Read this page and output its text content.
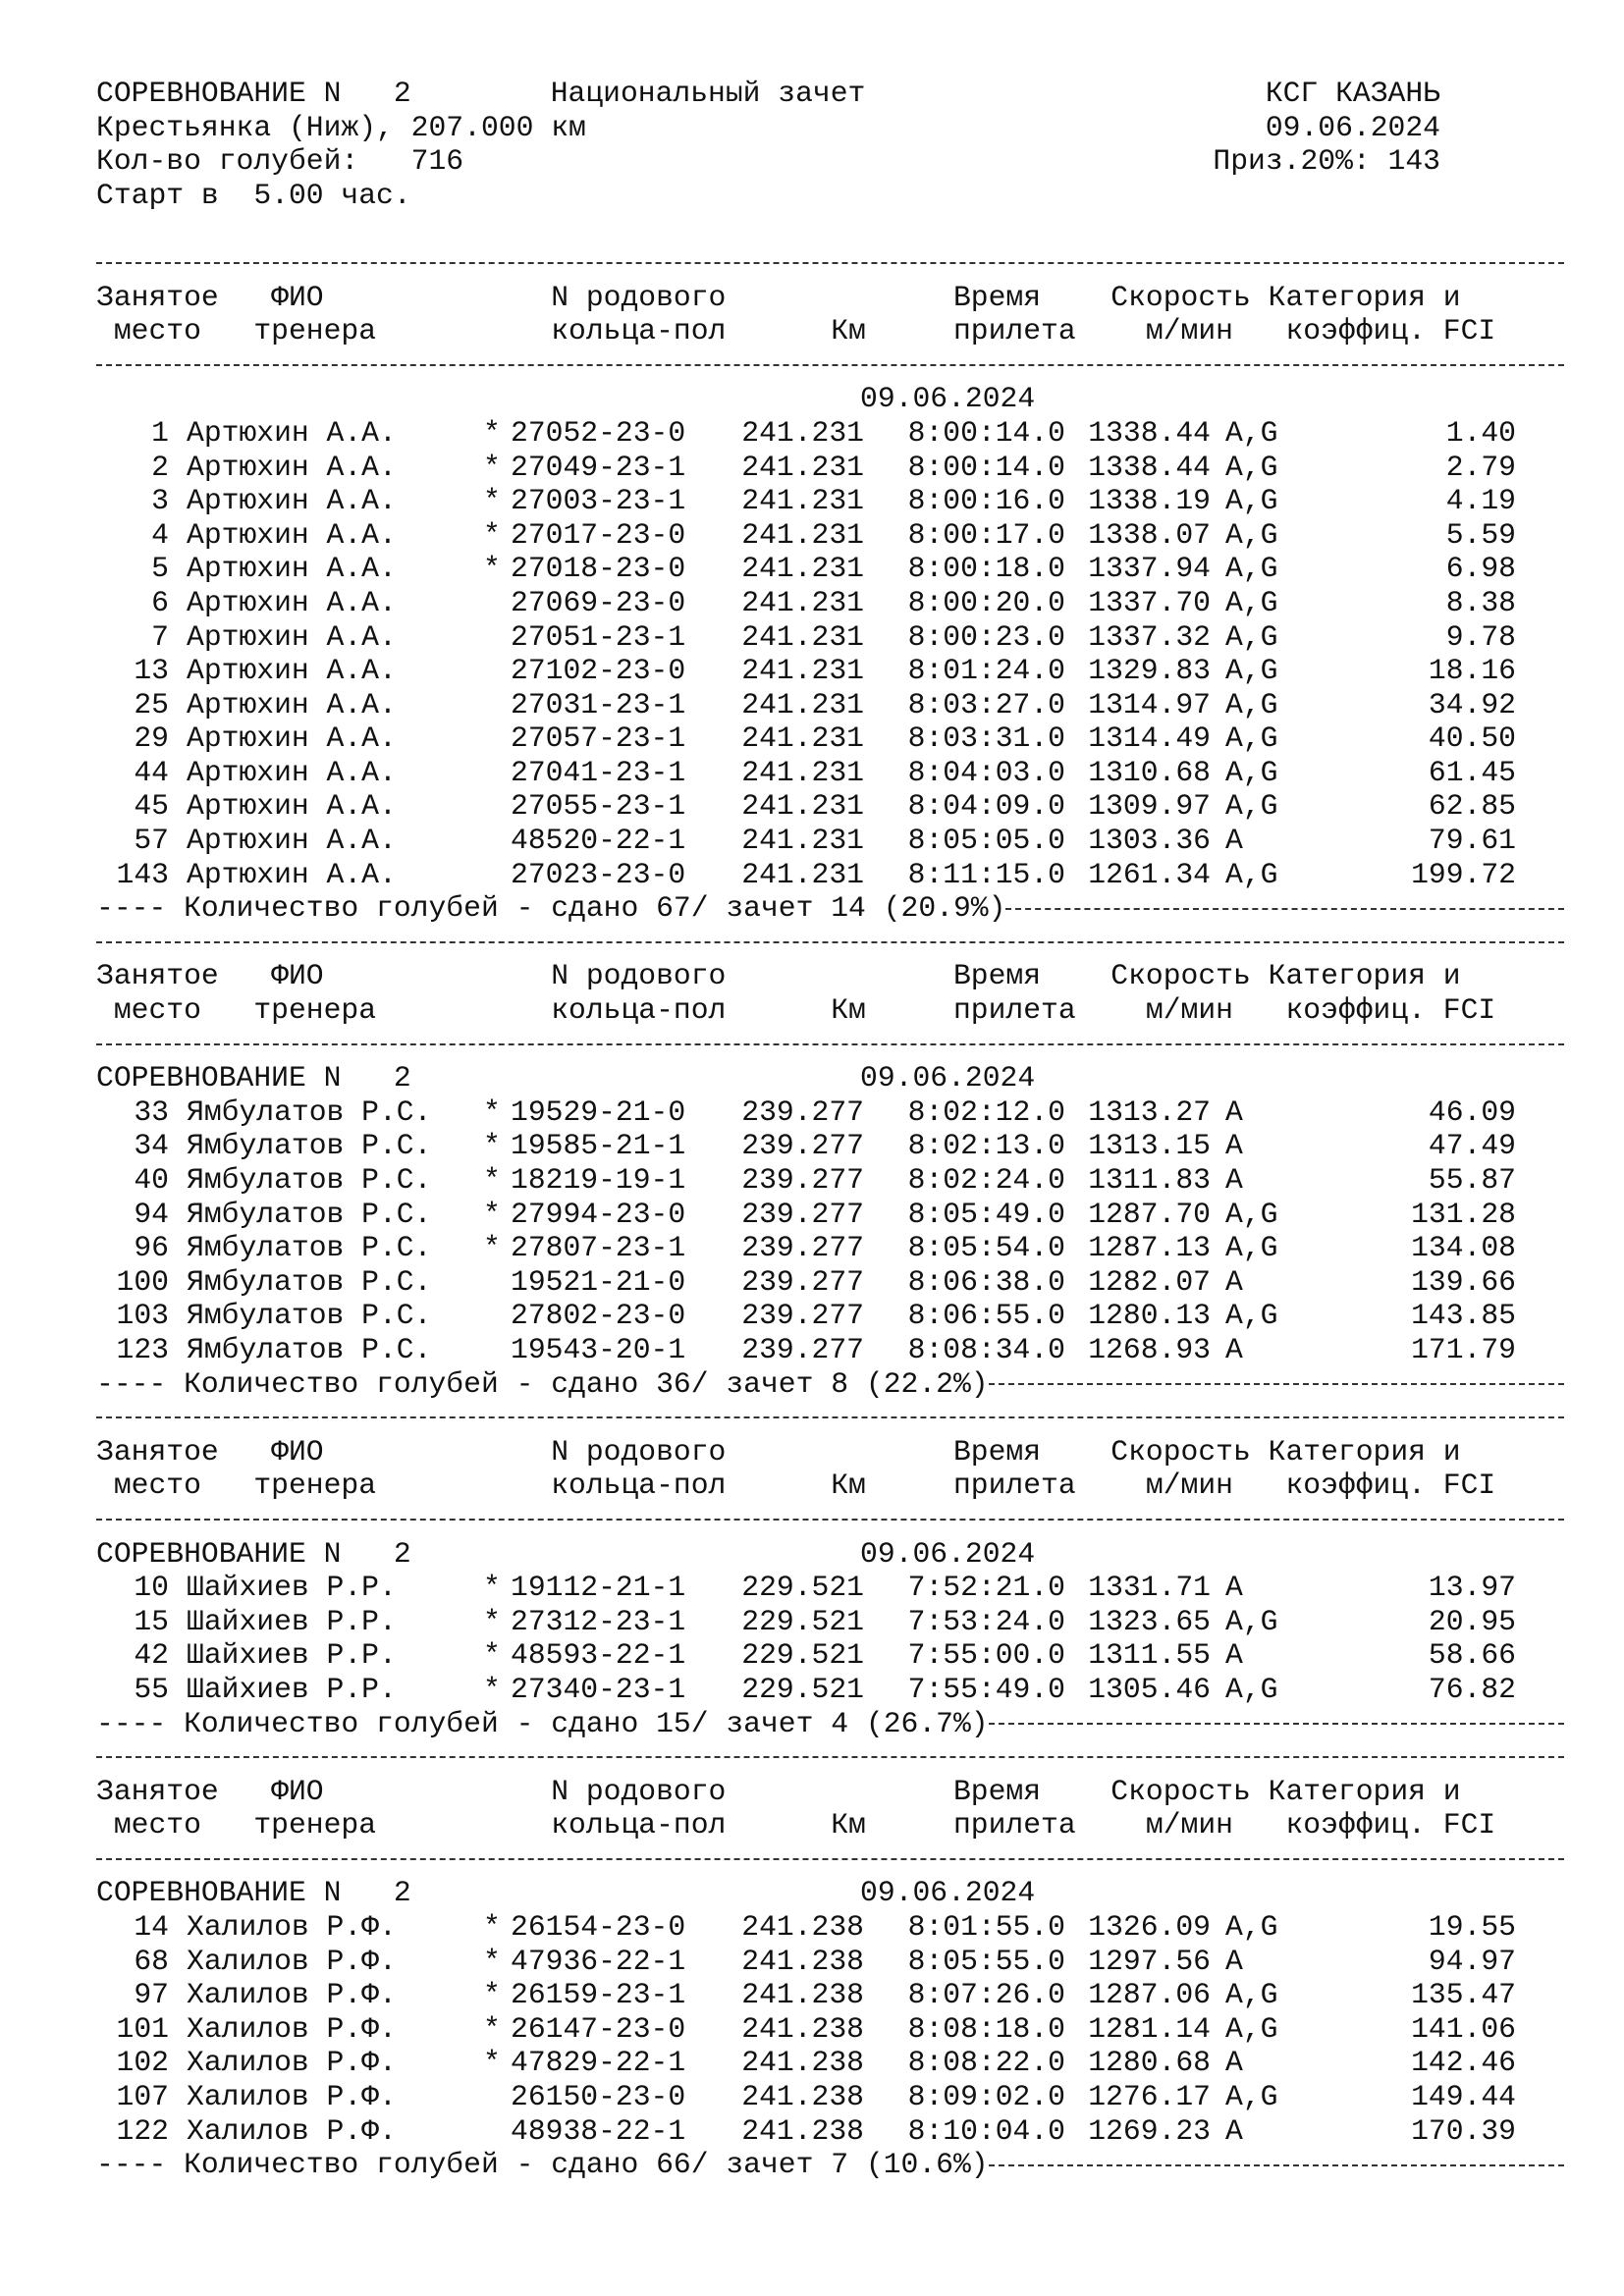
СОРЕВНОВАНИЕ N   2	Национальный зачет	КСГ КАЗАНЬ
Крестьянка (Ниж), 207.000 км	09.06.2024
Кол-во голубей:   716	Приз.20%: 143
Старт в  5.00 час.
Занятое   ФИО             N родового             Время    Скорость Категория и
место   тренера          кольца-пол      Км     прилета    м/мин   коэффиц. FCI
09.06.2024
1 Артюхин А.А.	* 27052-23-0	241.231	8:00:14.0 1338.44 A,G	1.40
2 Артюхин А.А.	* 27049-23-1	241.231	8:00:14.0 1338.44 A,G	2.79
3 Артюхин А.А.	* 27003-23-1	241.231	8:00:16.0 1338.19 A,G	4.19
4 Артюхин А.А.	* 27017-23-0	241.231	8:00:17.0 1338.07 A,G	5.59
5 Артюхин А.А.	* 27018-23-0	241.231	8:00:18.0 1337.94 A,G	6.98
6 Артюхин А.А.	27069-23-0	241.231	8:00:20.0 1337.70 A,G	8.38
7 Артюхин А.А.	27051-23-1	241.231	8:00:23.0 1337.32 A,G	9.78
13 Артюхин А.А.	27102-23-0	241.231	8:01:24.0 1329.83 A,G	18.16
25 Артюхин А.А.	27031-23-1	241.231	8:03:27.0 1314.97 A,G	34.92
29 Артюхин А.А.	27057-23-1	241.231	8:03:31.0 1314.49 A,G	40.50
44 Артюхин А.А.	27041-23-1	241.231	8:04:03.0 1310.68 A,G	61.45
45 Артюхин А.А.	27055-23-1	241.231	8:04:09.0 1309.97 A,G	62.85
57 Артюхин А.А.	48520-22-1	241.231	8:05:05.0 1303.36 A	79.61
143 Артюхин А.А.	27023-23-0	241.231	8:11:15.0 1261.34 A,G	199.72
---- Количество голубей - сдано 67/ зачет 14 (20.9%)
Занятое   ФИО             N родового             Время    Скорость Категория и
место   тренера          кольца-пол      Км     прилета    м/мин   коэффиц. FCI
СОРЕВНОВАНИЕ N   2	09.06.2024
33 Ямбулатов Р.С. * 19529-21-0	239.277	8:02:12.0 1313.27 A	46.09
34 Ямбулатов Р.С. * 19585-21-1	239.277	8:02:13.0 1313.15 A	47.49
40 Ямбулатов Р.С. * 18219-19-1	239.277	8:02:24.0 1311.83 A	55.87
94 Ямбулатов Р.С. * 27994-23-0	239.277	8:05:49.0 1287.70 A,G	131.28
96 Ямбулатов Р.С. * 27807-23-1	239.277	8:05:54.0 1287.13 A,G	134.08
100 Ямбулатов Р.С.	19521-21-0	239.277	8:06:38.0 1282.07 A	139.66
103 Ямбулатов Р.С.	27802-23-0	239.277	8:06:55.0 1280.13 A,G	143.85
123 Ямбулатов Р.С.	19543-20-1	239.277	8:08:34.0 1268.93 A	171.79
---- Количество голубей - сдано 36/ зачет 8 (22.2%)
Занятое   ФИО             N родового             Время    Скорость Категория и
место   тренера          кольца-пол      Км     прилета    м/мин   коэффиц. FCI
СОРЕВНОВАНИЕ N   2	09.06.2024
10 Шайхиев Р.Р.	* 19112-21-1	229.521	7:52:21.0 1331.71 A	13.97
15 Шайхиев Р.Р.	* 27312-23-1	229.521	7:53:24.0 1323.65 A,G	20.95
42 Шайхиев Р.Р.	* 48593-22-1	229.521	7:55:00.0 1311.55 A	58.66
55 Шайхиев Р.Р.	* 27340-23-1	229.521	7:55:49.0 1305.46 A,G	76.82
---- Количество голубей - сдано 15/ зачет 4 (26.7%)
Занятое   ФИО             N родового             Время    Скорость Категория и
место   тренера          кольца-пол      Км     прилета    м/мин   коэффиц. FCI
СОРЕВНОВАНИЕ N   2	09.06.2024
14 Халилов Р.Ф.	* 26154-23-0	241.238	8:01:55.0 1326.09 A,G	19.55
68 Халилов Р.Ф.	* 47936-22-1	241.238	8:05:55.0 1297.56 A	94.97
97 Халилов Р.Ф.	* 26159-23-1	241.238	8:07:26.0 1287.06 A,G	135.47
101 Халилов Р.Ф.	* 26147-23-0	241.238	8:08:18.0 1281.14 A,G	141.06
102 Халилов Р.Ф.	* 47829-22-1	241.238	8:08:22.0 1280.68 A	142.46
107 Халилов Р.Ф.	26150-23-0	241.238	8:09:02.0 1276.17 A,G	149.44
122 Халилов Р.Ф.	48938-22-1	241.238	8:10:04.0 1269.23 A	170.39
---- Количество голубей - сдано 66/ зачет 7 (10.6%)
